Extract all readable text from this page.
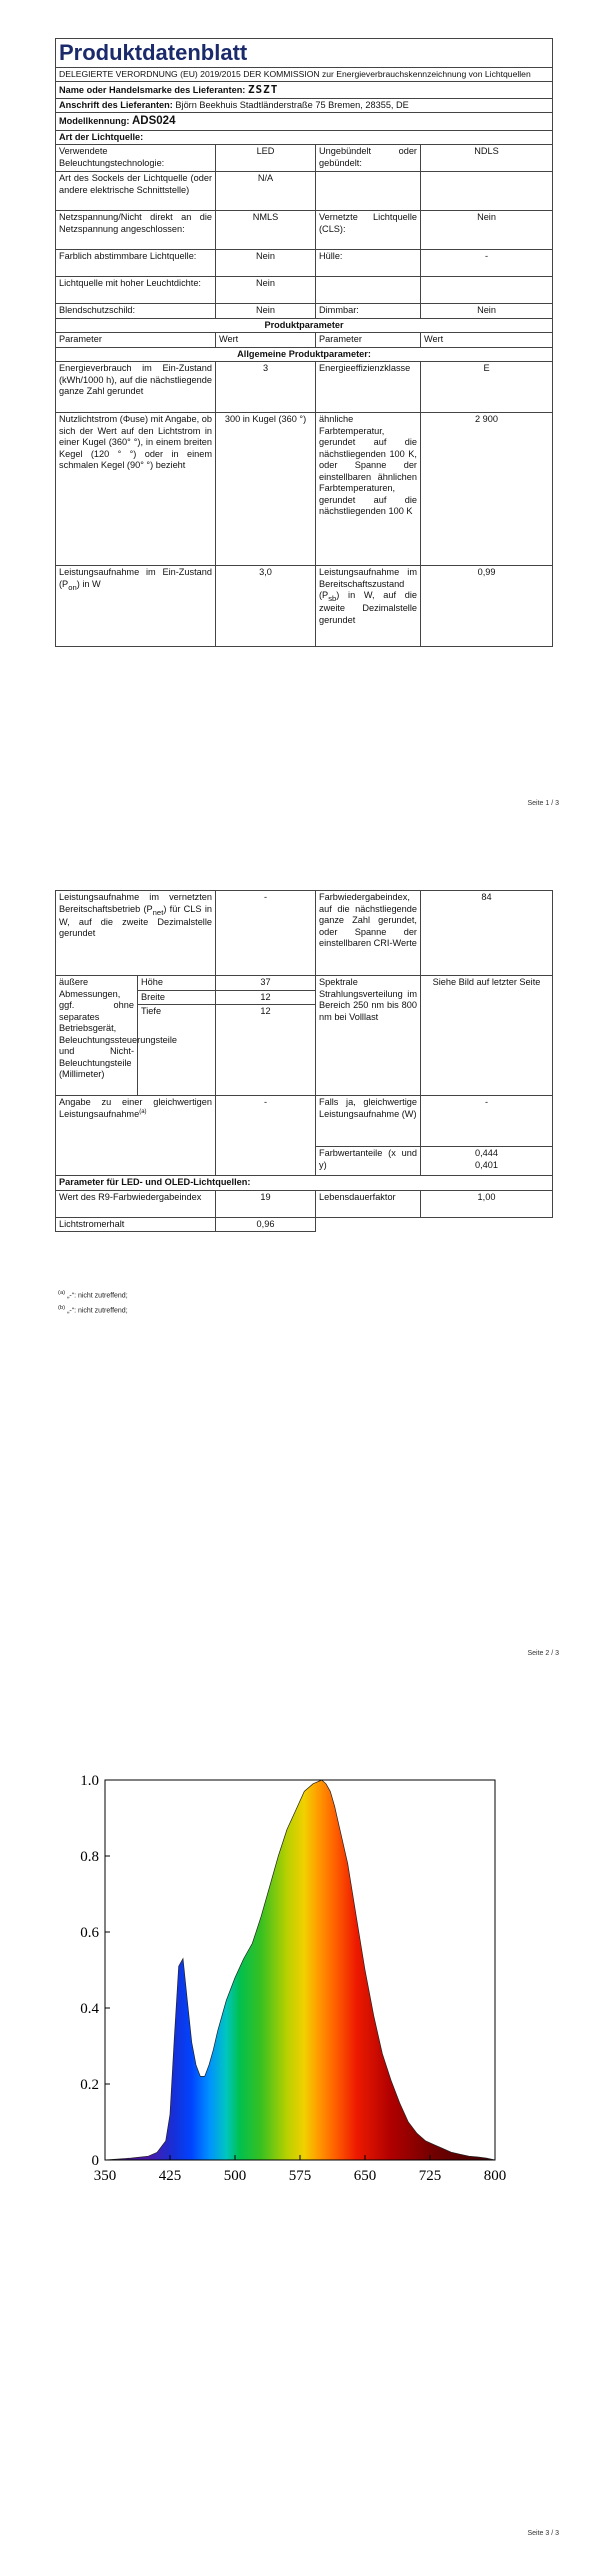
Produktdatenblatt			
DELEGIERTE VERORDNUNG (EU) 2019/2015 DER KOMMISSION zur Energieverbrauchskennzeichnung von Lichtquellen			
Name oder Handelsmarke des Lieferanten: ZSZT			
Anschrift des Lieferanten: Björn Beekhuis Stadtländerstraße 75 Bremen, 28355, DE			
Modellkennung: ADS024			
Art der Lichtquelle:			
Verwendete Beleuchtungstechnologie:	LED	Ungebündelt oder gebündelt:	NDLS
Art des Sockels der Lichtquelle (oder andere elektrische Schnittstelle)	N/A		
Netzspannung/Nicht direkt an die Netzspannung angeschlossen:	NMLS	Vernetzte Lichtquelle (CLS):	Nein
Farblich abstimmbare Lichtquelle:	Nein	Hülle:	-
Lichtquelle mit hoher Leuchtdichte:	Nein		
Blendschutzschild:	Nein	Dimmbar:	Nein
Produktparameter			
Parameter	Wert	Parameter	Wert
Allgemeine Produktparameter:			
Energieverbrauch im Ein-Zustand (kWh/1000 h), auf die nächstliegende ganze Zahl gerundet	3	Energieeffizienzklasse	E
Nutzlichtstrom (Φuse) mit Angabe, ob sich der Wert auf den Lichtstrom in einer Kugel (360° °), in einem breiten Kegel (120 ° °) oder in einem schmalen Kegel (90° °) bezieht	300 in Kugel (360 °)	ähnliche Farbtemperatur, gerundet auf die nächstliegenden 100 K, oder Spanne der einstellbaren ähnlichen Farbtemperaturen, gerundet auf die nächstliegenden 100 K	2 900
Leistungsaufnahme im Ein-Zustand $(P_{on})$ in W	3,0	Leistungsaufnahme im Bereitschaftszustand $(P_{sb})$ in W, auf die zweite Dezimalstelle gerundet	0,99
Seite 1 / 3
Leistungsaufnahme im vernetzten Bereitschaftsbetrieb $(P_{net})$ für CLS in W, auf die zweite Dezimalstelle gerundet		-	Farbwiedergabeindex, auf die nächstliegende ganze Zahl gerundet, oder Spanne der einstellbaren CRI-Werte	84
äußere Abmessungen, ggf. ohne separates Betriebsgerät, Beleuchtungssteuerungsteile und Nicht-Beleuchtungsteile (Millimeter)	Höhe	37	Spektrale Strahlungsverteilung im Bereich 250 nm bis 800 nm bei Volllast	Siehe Bild auf letzter Seite
	Breite	12		
	Tiefe	12		
Angabe zu einer gleichwertigen Leistungsaufnahme$^{(a)}$		-	Falls ja, gleichwertige Leistungsaufnahme (W)	-
			Farbwertanteile (x und y)	0,444
0,401

Parameter für LED- und OLED-Lichtquellen:				
Wert des R9-Farbwiedergabeindex		19	Lebensdauerfaktor	1,00
Lichtstromerhalt		0,96		
$^{(a)}$ „-“: nicht zutreffend;
$^{(b)}$ „-“: nicht zutreffend;
Seite 2 / 3
350	425	500	575	650	725	800
0
0.2
0.4
0.6
0.8
1.0
Seite 3 / 3
